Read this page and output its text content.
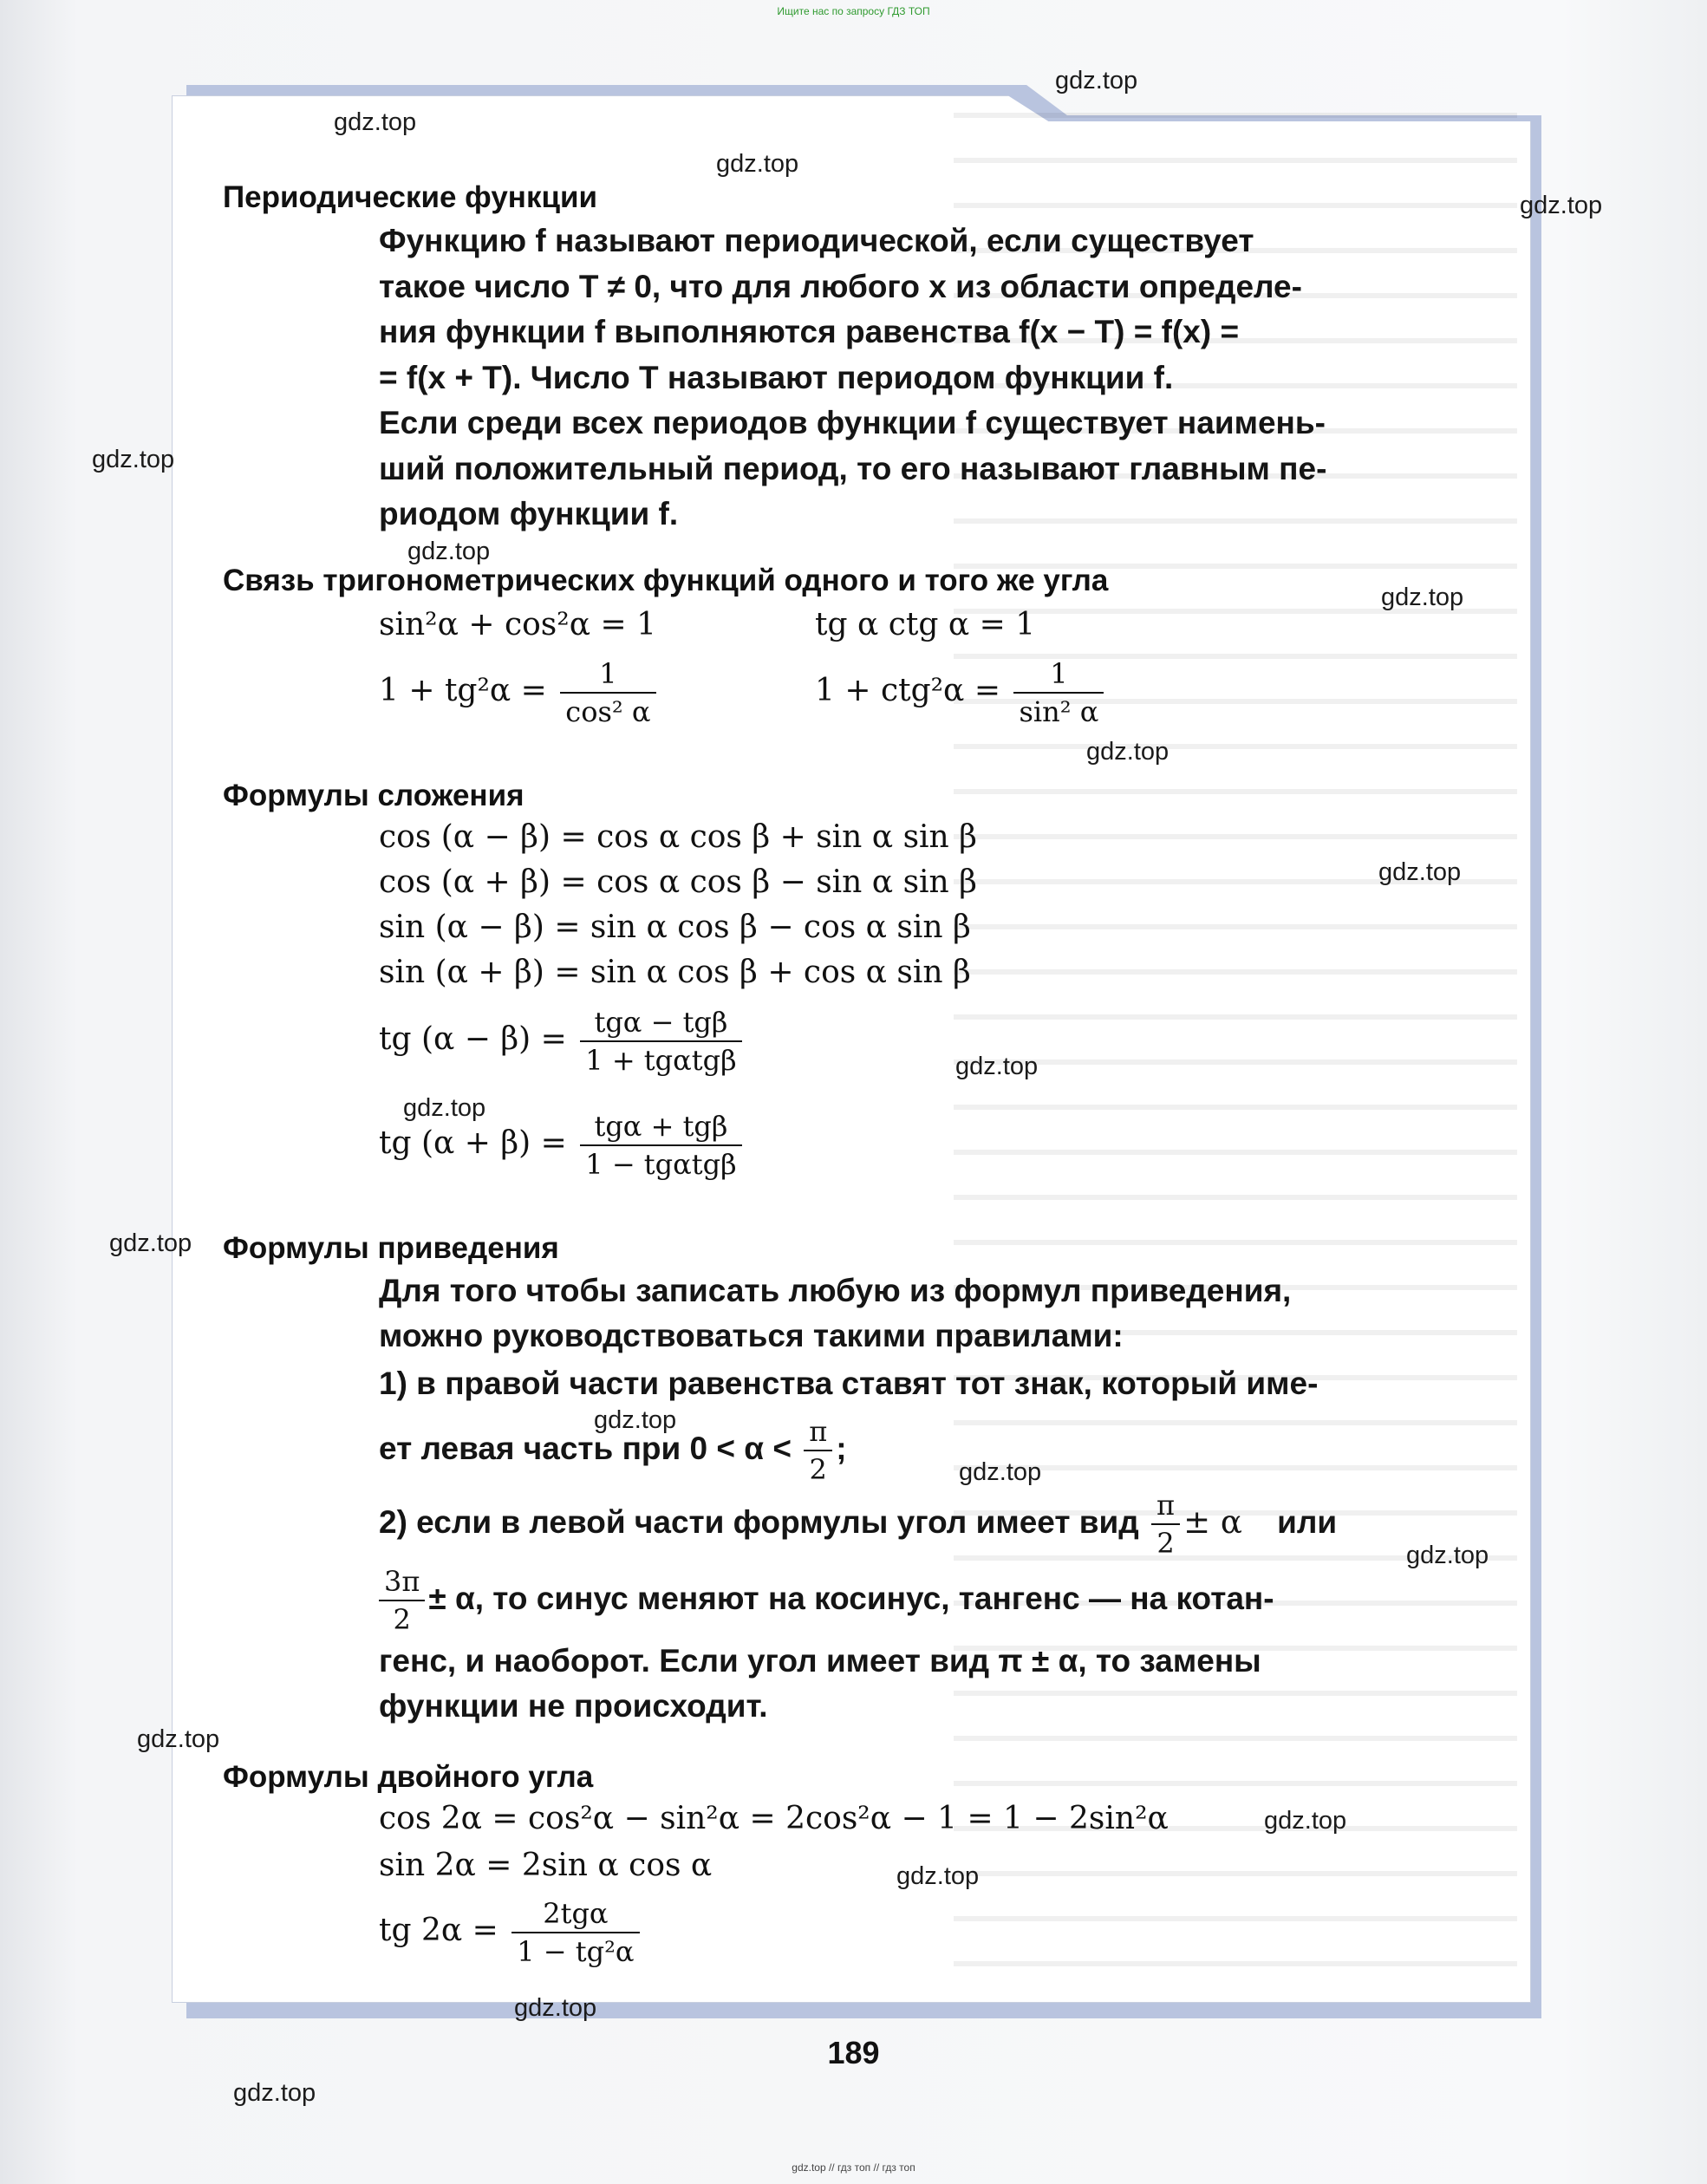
Ищите нас по запросу ГДЗ ТОП
Периодические функции
Функцию f называют периодической, если существует
такое число T ≠ 0, что для любого x из области определе-
ния функции f выполняются равенства f(x − T) = f(x) =
= f(x + T). Число T называют периодом функции f.
Если среди всех периодов функции f существует наимень-
ший положительный период, то его называют главным пе-
риодом функции f.
Связь тригонометрических функций одного и того же угла
sin²α + cos²α = 1	tg α ctg α = 1
$1 + tg^2\alpha = \frac{1}{\text{cos² α}}$	$1 + ctg^2\alpha = \frac{1}{\text{sin² α}}$
Формулы сложения
cos (α − β) = cos α cos β + sin α sin β
cos (α + β) = cos α cos β − sin α sin β
sin (α − β) = sin α cos β − cos α sin β
sin (α + β) = sin α cos β + cos α sin β
tg $(\alpha - \beta) = \frac{\text{tgα − tgβ}}{\text{1 + tgαtgβ}}$
tg $(\alpha + \beta) = \frac{\text{tgα + tgβ}}{\text{1 − tgαtgβ}}$
Формулы приведения
Для того чтобы записать любую из формул приведения,
можно руководствоваться такими правилами:
1) в правой части равенства ставят тот знак, который име-
ет левая часть при $0 < \alpha < \frac{\pi}{2}$ ;
2) если в левой части формулы угол имеет вид $\frac{\pi}{2} \pm \alpha$ или
$\frac{3\pi}{2} \pm \alpha$, то синус меняют на косинус, тангенс — на котан-
генс, и наоборот. Если угол имеет вид π ± α, то замены
функции не происходит.
Формулы двойного угла
cos 2α = cos²α − sin²α = 2cos²α − 1 = 1 − 2sin²α
sin 2α = 2sin α cos α
tg $2\alpha = \frac{\text{2tgα}}{\text{1 − tg²α}}$
189
gdz.top
gdz.top
gdz.top
gdz.top
gdz.top
gdz.top
gdz.top
gdz.top
gdz.top
gdz.top
gdz.top
gdz.top
gdz.top
gdz.top
gdz.top
gdz.top
gdz.top
gdz.top
gdz.top
gdz.top
gdz.top // гдз топ // гдз топ
